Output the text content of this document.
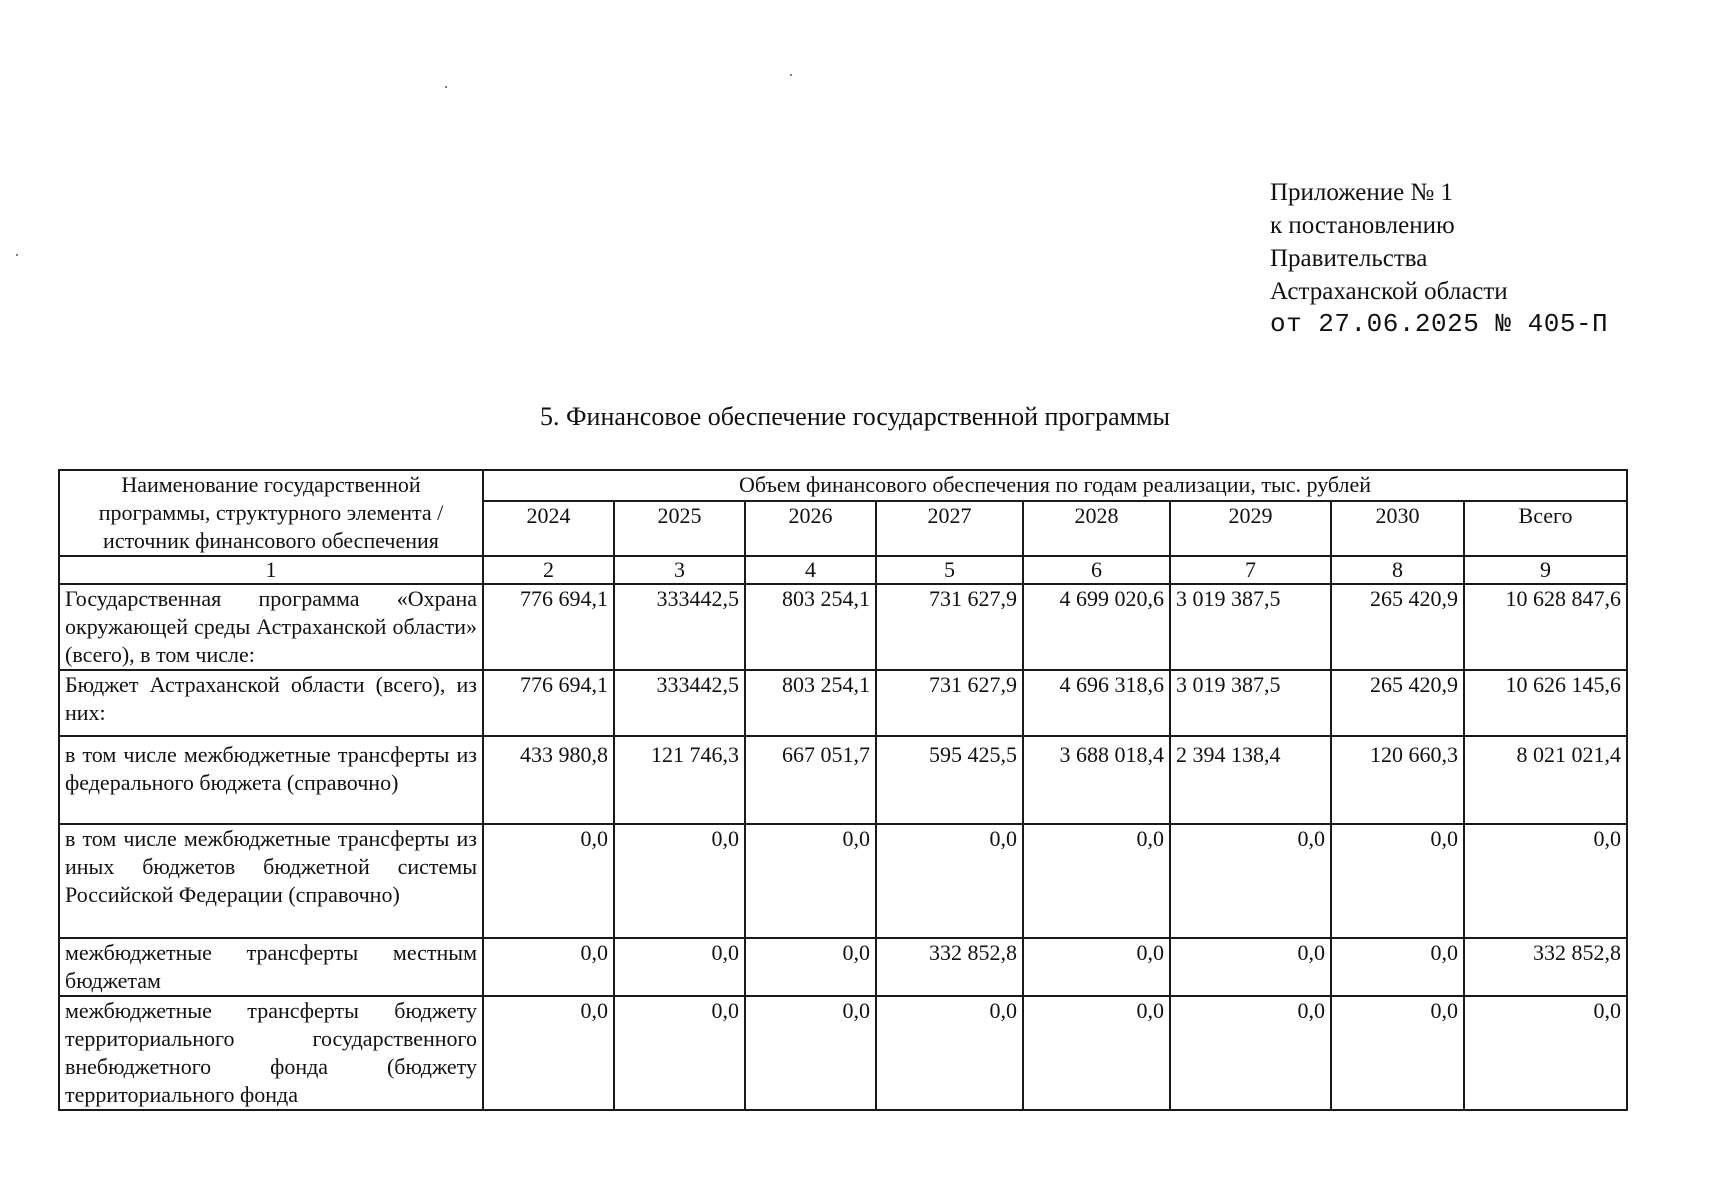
Приложение № 1
к постановлению
Правительства
Астраханской области
от 27.06.2025 № 405-П
5. Финансовое обеспечение государственной программы
Наименование государственной программы, структурного элемента / источник финансового обеспечения	Объем финансового обеспечения по годам реализации, тыс. рублей							
	2024	2025	2026	2027	2028	2029	2030	Всего
1	2	3	4	5	6	7	8	9
Государственная программа «Охрана окружающей среды Астраханской области» (всего), в том числе:	776 694,1	333442,5	803 254,1	731 627,9	4 699 020,6	3 019 387,5	265 420,9	10 628 847,6
Бюджет Астраханской области (всего), из них:	776 694,1	333442,5	803 254,1	731 627,9	4 696 318,6	3 019 387,5	265 420,9	10 626 145,6
в том числе межбюджетные трансферты из федерального бюджета (справочно)	433 980,8	121 746,3	667 051,7	595 425,5	3 688 018,4	2 394 138,4	120 660,3	8 021 021,4
в том числе межбюджетные трансферты из иных бюджетов бюджетной системы Российской Федерации (справочно)	0,0	0,0	0,0	0,0	0,0	0,0	0,0	0,0
межбюджетные трансферты местным бюджетам	0,0	0,0	0,0	332 852,8	0,0	0,0	0,0	332 852,8

межбюджетные трансферты бюджету территориального государственного внебюджетного фонда (бюджету территориального фонда	0,0	0,0	0,0	0,0	0,0	0,0	0,0	0,0
